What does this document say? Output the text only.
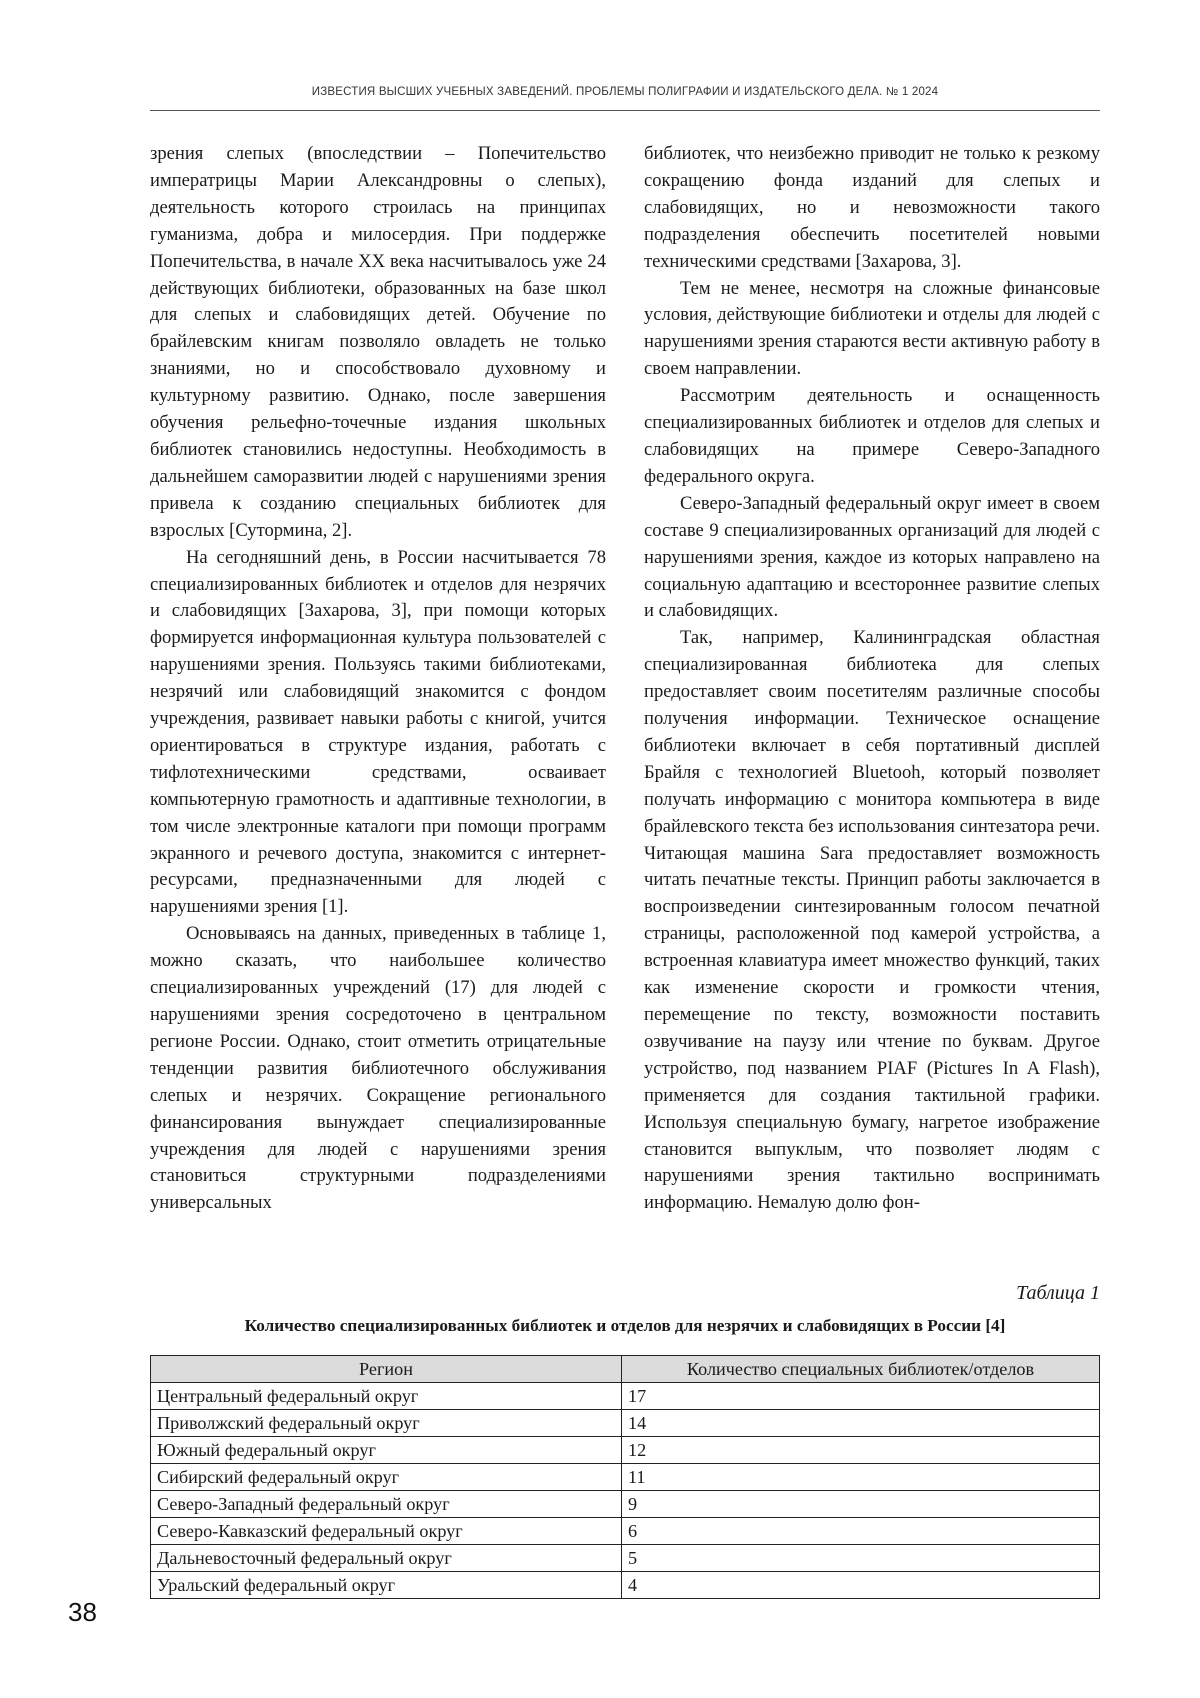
ИЗВЕСТИЯ ВЫСШИХ УЧЕБНЫХ ЗАВЕДЕНИЙ. ПРОБЛЕМЫ ПОЛИГРАФИИ И ИЗДАТЕЛЬСКОГО ДЕЛА. № 1 2024

зрения слепых (впоследствии – Попечительство императрицы Марии Александровны о слепых), деятельность которого строилась на принципах гуманизма, добра и милосердия. При поддержке Попечительства, в начале XX века насчитывалось уже 24 действующих библиотеки, образованных на базе школ для слепых и слабовидящих детей. Обучение по брайлевским книгам позволяло овладеть не только знаниями, но и способствовало духовному и культурному развитию. Однако, после завершения обучения рельефно-точечные издания школьных библиотек становились недоступны. Необходимость в дальнейшем саморазвитии людей с нарушениями зрения привела к созданию специальных библиотек для взрослых [Сутормина, 2].

На сегодняшний день, в России насчитывается 78 специализированных библиотек и отделов для незрячих и слабовидящих [Захарова, 3], при помощи которых формируется информационная культура пользователей с нарушениями зрения. Пользуясь такими библиотеками, незрячий или слабовидящий знакомится с фондом учреждения, развивает навыки работы с книгой, учится ориентироваться в структуре издания, работать с тифлотехническими средствами, осваивает компьютерную грамотность и адаптивные технологии, в том числе электронные каталоги при помощи программ экранного и речевого доступа, знакомится с интернет-ресурсами, предназначенными для людей с нарушениями зрения [1].

Основываясь на данных, приведенных в таблице 1, можно сказать, что наибольшее количество специализированных учреждений (17) для людей с нарушениями зрения сосредоточено в центральном регионе России. Однако, стоит отметить отрицательные тенденции развития библиотечного обслуживания слепых и незрячих. Сокращение регионального финансирования вынуждает специализированные учреждения для людей с нарушениями зрения становиться структурными подразделениями универсальных

библиотек, что неизбежно приводит не только к резкому сокращению фонда изданий для слепых и слабовидящих, но и невозможности такого подразделения обеспечить посетителей новыми техническими средствами [Захарова, 3].

Тем не менее, несмотря на сложные финансовые условия, действующие библиотеки и отделы для людей с нарушениями зрения стараются вести активную работу в своем направлении.

Рассмотрим деятельность и оснащенность специализированных библиотек и отделов для слепых и слабовидящих на примере Северо-Западного федерального округа.

Северо-Западный федеральный округ имеет в своем составе 9 специализированных организаций для людей с нарушениями зрения, каждое из которых направлено на социальную адаптацию и всестороннее развитие слепых и слабовидящих.

Так, например, Калининградская областная специализированная библиотека для слепых предоставляет своим посетителям различные способы получения информации. Техническое оснащение библиотеки включает в себя портативный дисплей Брайля с технологией Bluetooh, который позволяет получать информацию с монитора компьютера в виде брайлевского текста без использования синтезатора речи. Читающая машина Sara предоставляет возможность читать печатные тексты. Принцип работы заключается в воспроизведении синтезированным голосом печатной страницы, расположенной под камерой устройства, а встроенная клавиатура имеет множество функций, таких как изменение скорости и громкости чтения, перемещение по тексту, возможности поставить озвучивание на паузу или чтение по буквам. Другое устройство, под названием PIAF (Pictures In A Flash), применяется для создания тактильной графики. Используя специальную бумагу, нагретое изображение становится выпуклым, что позволяет людям с нарушениями зрения тактильно воспринимать информацию. Немалую долю фон-

Таблица 1
Количество специализированных библиотек и отделов для незрячих и слабовидящих в России [4]
Регион	Количество специальных библиотек/отделов
Центральный федеральный округ	17
Приволжский федеральный округ	14
Южный федеральный округ	12
Сибирский федеральный округ	11
Северо-Западный федеральный округ	9
Северо-Кавказский федеральный округ	6
Дальневосточный федеральный округ	5
Уральский федеральный округ	4
38
